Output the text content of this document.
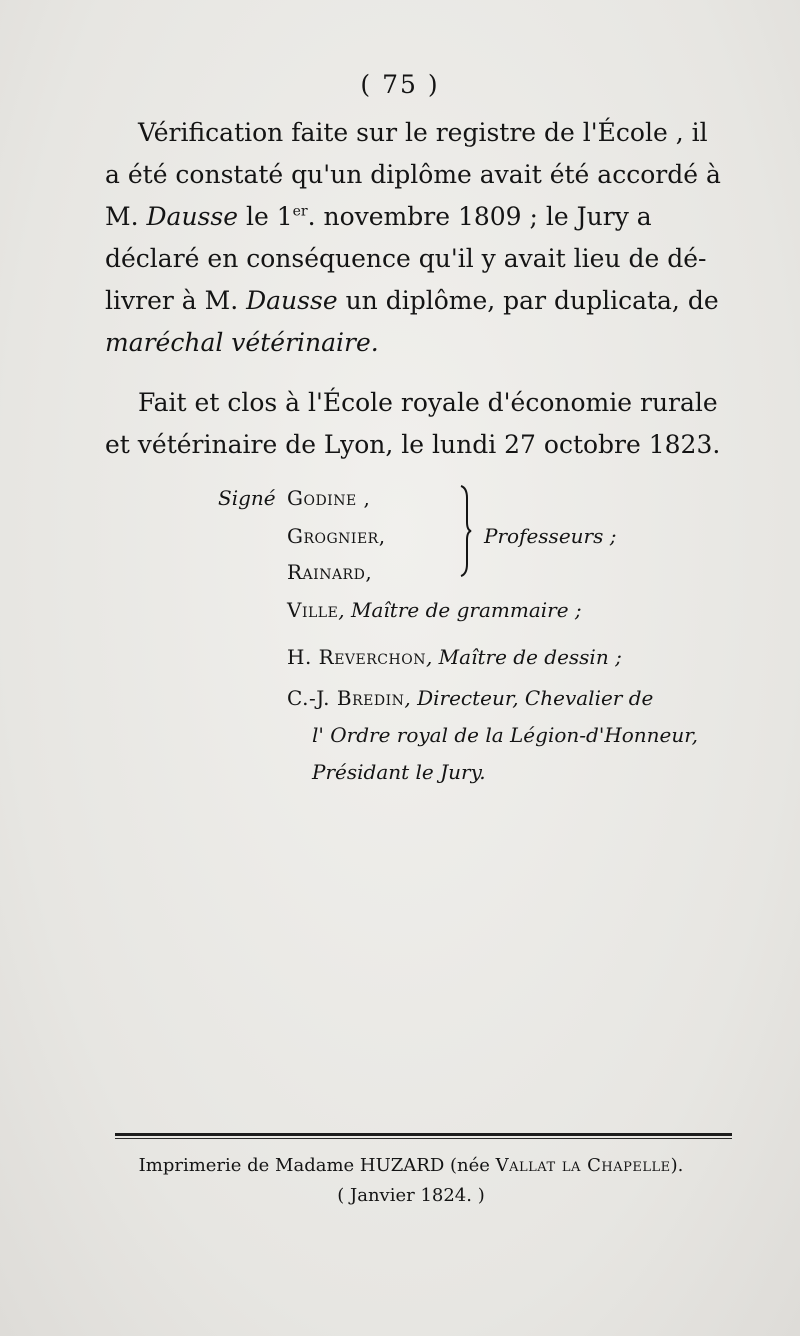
( 75 )
Vérification faite sur le registre de l'École , il
a été constaté qu'un diplôme avait été accordé à
M. Dausse le 1er. novembre 1809 ; le Jury a
déclaré en conséquence qu'il y avait lieu de dé-
livrer à M. Dausse un diplôme, par duplicata, de
maréchal vétérinaire.
Fait et clos à l'École royale d'économie rurale
et vétérinaire de Lyon, le lundi 27 octobre 1823.
Signé Godine ,
Grognier,
Rainard,
Professeurs ;
Ville, Maître de grammaire ;
H. Reverchon, Maître de dessin ;
C.-J. Bredin, Directeur, Chevalier de
l' Ordre royal de la Légion-d'Honneur,
Présidant le Jury.
Imprimerie de Madame HUZARD (née Vallat la Chapelle).
( Janvier 1824. )
